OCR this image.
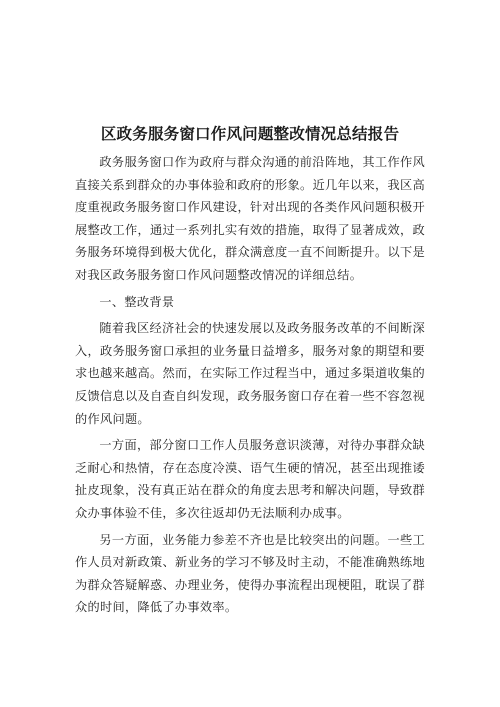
区政务服务窗口作风问题整改情况总结报告

政务服务窗口作为政府与群众沟通的前沿阵地，其工作作风直接关系到群众的办事体验和政府的形象。近几年以来，我区高度重视政务服务窗口作风建设，针对出现的各类作风问题积极开展整改工作，通过一系列扎实有效的措施，取得了显著成效，政务服务环境得到极大优化，群众满意度一直不间断提升。以下是对我区政务服务窗口作风问题整改情况的详细总结。

一、整改背景

随着我区经济社会的快速发展以及政务服务改革的不间断深入，政务服务窗口承担的业务量日益增多，服务对象的期望和要求也越来越高。然而，在实际工作过程当中，通过多渠道收集的反馈信息以及自查自纠发现，政务服务窗口存在着一些不容忽视的作风问题。

一方面，部分窗口工作人员服务意识淡薄，对待办事群众缺乏耐心和热情，存在态度冷漠、语气生硬的情况，甚至出现推诿扯皮现象，没有真正站在群众的角度去思考和解决问题，导致群众办事体验不佳，多次往返却仍无法顺利办成事。

另一方面，业务能力参差不齐也是比较突出的问题。一些工作人员对新政策、新业务的学习不够及时主动，不能准确熟练地为群众答疑解惑、办理业务，使得办事流程出现梗阻，耽误了群众的时间，降低了办事效率。
